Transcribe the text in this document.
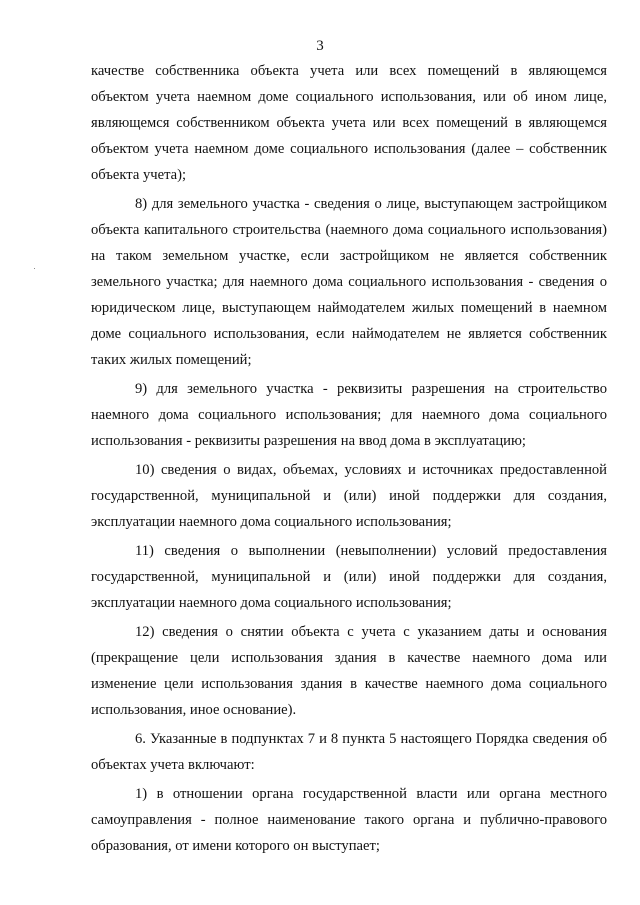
3

качестве собственника объекта учета или всех помещений в являющемся объектом учета наемном доме социального использования, или об ином лице, являющемся собственником объекта учета или всех помещений в являющемся объектом учета наемном доме социального использования (далее – собственник объекта учета);

8) для земельного участка - сведения о лице, выступающем застройщиком объекта капитального строительства (наемного дома социального использования) на таком земельном участке, если застройщиком не является собственник земельного участка; для наемного дома социального использования - сведения о юридическом лице, выступающем наймодателем жилых помещений в наемном доме социального использования, если наймодателем не является собственник таких жилых помещений;

9) для земельного участка - реквизиты разрешения на строительство наемного дома социального использования; для наемного дома социального использования - реквизиты разрешения на ввод дома в эксплуатацию;

10) сведения о видах, объемах, условиях и источниках предоставленной государственной, муниципальной и (или) иной поддержки для создания, эксплуатации наемного дома социального использования;

11) сведения о выполнении (невыполнении) условий предоставления государственной, муниципальной и (или) иной поддержки для создания, эксплуатации наемного дома социального использования;

12) сведения о снятии объекта с учета с указанием даты и основания (прекращение цели использования здания в качестве наемного дома или изменение цели использования здания в качестве наемного дома социального использования, иное основание).

6. Указанные в подпунктах 7 и 8 пункта 5 настоящего Порядка сведения об объектах учета включают:

1) в отношении органа государственной власти или органа местного самоуправления - полное наименование такого органа и публично-правового образования, от имени которого он выступает;
